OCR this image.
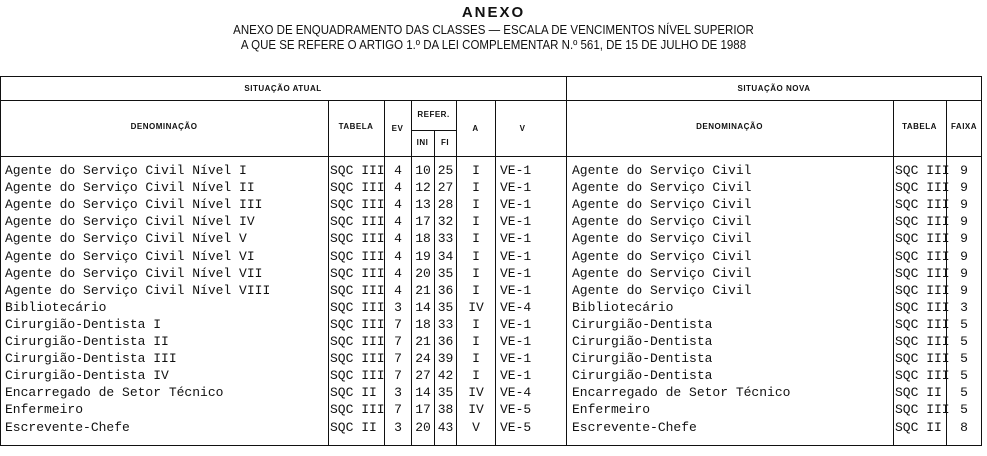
ANEXO
ANEXO DE ENQUADRAMENTO DAS CLASSES — ESCALA DE VENCIMENTOS NÍVEL SUPERIOR
A QUE SE REFERE O ARTIGO 1.º DA LEI COMPLEMENTAR N.º 561, DE 15 DE JULHO DE 1988
SITUAÇÃO ATUAL	SITUAÇÃO NOVA
DENOMINAÇÃO	TABELA	EV
REFER.
INI	FI
A	V	DENOMINAÇÃO	TABELA	FAIXA
Agente do Serviço Civil Nível I	SQC III 4	10 25	I	VE-1	Agente do Serviço Civil	SQC III 9
Agente do Serviço Civil Nível II	SQC III 4	12 27	I	VE-1	Agente do Serviço Civil	SQC III 9
Agente do Serviço Civil Nível III	SQC III 4	13 28	I	VE-1	Agente do Serviço Civil	SQC III 9
Agente do Serviço Civil Nível IV	SQC III 4	17 32	I	VE-1	Agente do Serviço Civil	SQC III 9
Agente do Serviço Civil Nível V	SQC III 4	18 33	I	VE-1	Agente do Serviço Civil	SQC III 9
Agente do Serviço Civil Nível VI	SQC III 4	19 34	I	VE-1	Agente do Serviço Civil	SQC III 9
Agente do Serviço Civil Nível VII	SQC III 4	20 35	I	VE-1	Agente do Serviço Civil	SQC III 9
Agente do Serviço Civil Nível VIII	SQC III 4	21 36	I	VE-1	Agente do Serviço Civil	SQC III 9
Bibliotecário	SQC III 3	14 35	IV	VE-4	Bibliotecário	SQC III 3
Cirurgião-Dentista I	SQC III 7	18 33	I	VE-1	Cirurgião-Dentista	SQC III 5
Cirurgião-Dentista II	SQC III 7	21 36	I	VE-1	Cirurgião-Dentista	SQC III 5
Cirurgião-Dentista III	SQC III 7	24 39	I	VE-1	Cirurgião-Dentista	SQC III 5
Cirurgião-Dentista IV	SQC III 7	27 42	I	VE-1	Cirurgião-Dentista	SQC III 5
Encarregado de Setor Técnico	SQC II	3	14 35	IV	VE-4	Encarregado de Setor Técnico	SQC II	5
Enfermeiro	SQC III 7	17 38	IV	VE-5	Enfermeiro	SQC III 5
Escrevente-Chefe	SQC II	3	20 43	V	VE-5	Escrevente-Chefe	SQC II	8
